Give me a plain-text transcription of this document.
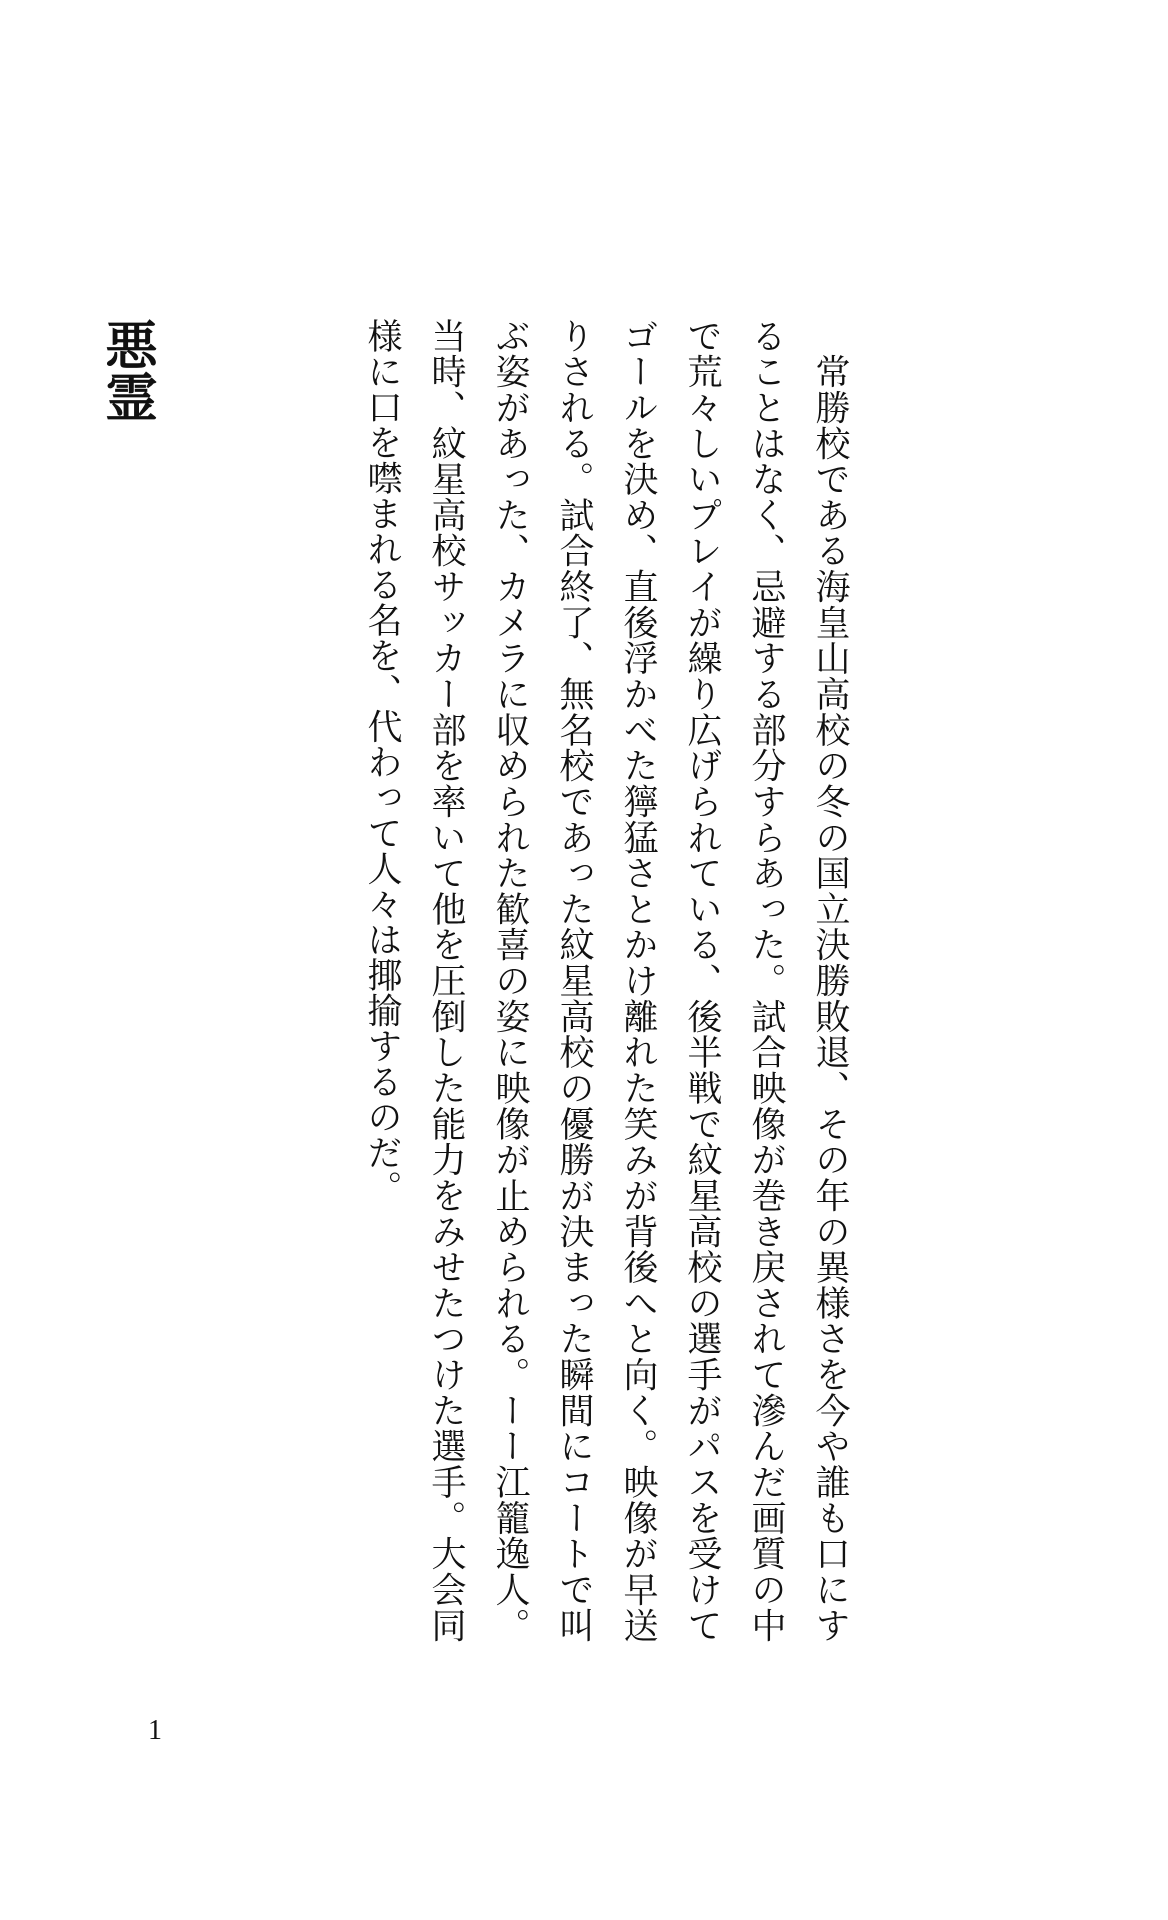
　常勝校である海皇山高校の冬の国立決勝敗退、その年の異様さを今や誰も口にすることはなく、忌避する部分すらあった。試合映像が巻き戻されて滲んだ画質の中で荒々しいプレイが繰り広げられている、後半戦で紋星高校の選手がパスを受けてゴールを決め、直後浮かべた獰猛さとかけ離れた笑みが背後へと向く。映像が早送りされる。試合終了、無名校であった紋星高校の優勝が決まった瞬間にコートで叫ぶ姿があった、カメラに収められた歓喜の姿に映像が止められる。ーー江籠逸人。当時、紋星高校サッカー部を率いて他を圧倒した能力をみせたつけた選手。大会同様に口を噤まれる名を、代わって人々は揶揄するのだ。

悪霊

1
